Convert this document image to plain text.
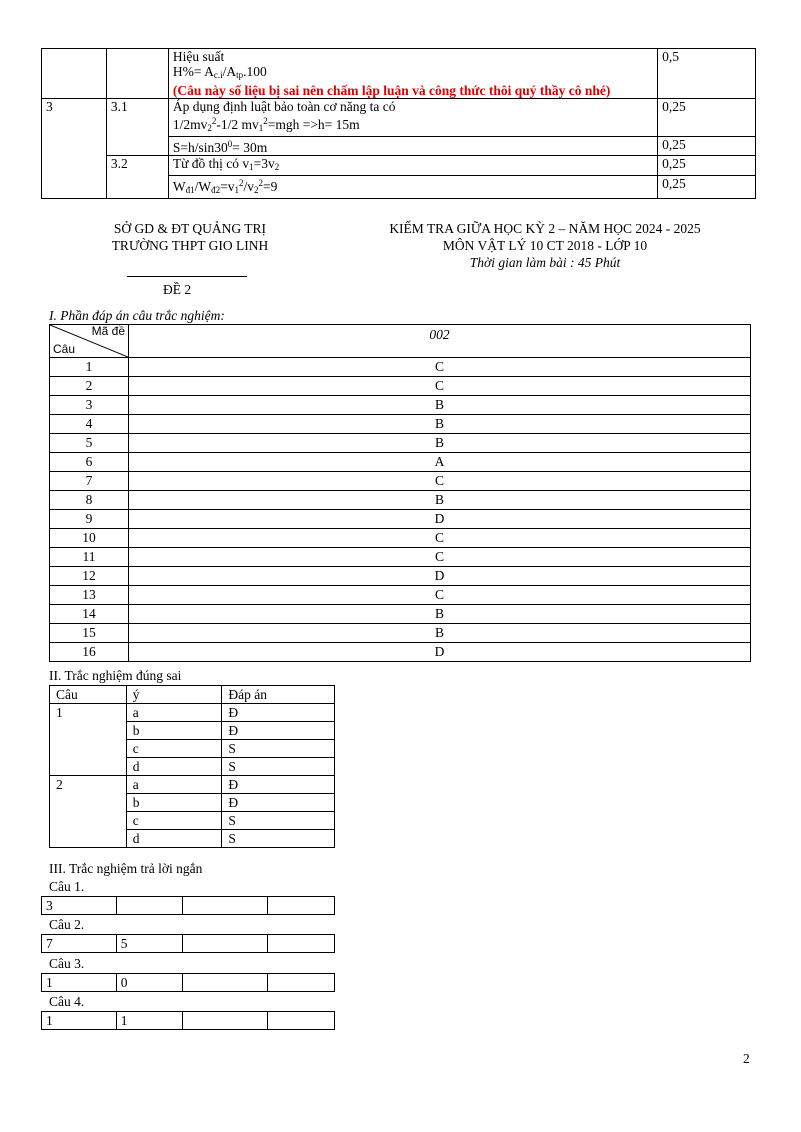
		Hiệu suất
$H\%= A_{c.i}/A_{tp}.100$
(Câu này số liệu bị sai nên chấm lập luận và công thức thôi quý thầy cô nhé)	0,5
3	3.1	Áp dụng định luật bảo toàn cơ năng ta có
$1/2mv_2^2-1/2$ $mv_1^2=mgh =>h= 15m$	0,25
		$S=h/\sin 30^0= 30m$	0,25
	3.2	Từ đồ thị có $v_1=3v_2$	0,25
		$W_{đ1}/W_{đ2}=v_1^2/v_2^2=9$	0,25
SỞ GD & ĐT QUẢNG TRỊ
TRƯỜNG THPT GIO LINH
KIỂM TRA GIỮA HỌC KỲ 2 – NĂM HỌC 2024 - 2025
MÔN VẬT LÝ 10 CT 2018 - LỚP 10
Thời gian làm bài : 45 Phút
ĐỀ 2
I. Phần đáp án câu trắc nghiệm:
Mã đề
Câu	002
1	C
2	C
3	B
4	B
5	B
6	A
7	C
8	B
9	D
10	C
11	C
12	D
13	C
14	B
15	B
16	D
II. Trắc nghiệm đúng sai
Câu	ý	Đáp án
1	a	Đ
	b	Đ
	c	S
	d	S
2	a	Đ
	b	Đ
	c	S
	d	S
III. Trắc nghiệm trả lời ngắn
Câu 1.
3			
Câu 2.
7	5		
Câu 3.
1	0		
Câu 4.
1	1		
2
